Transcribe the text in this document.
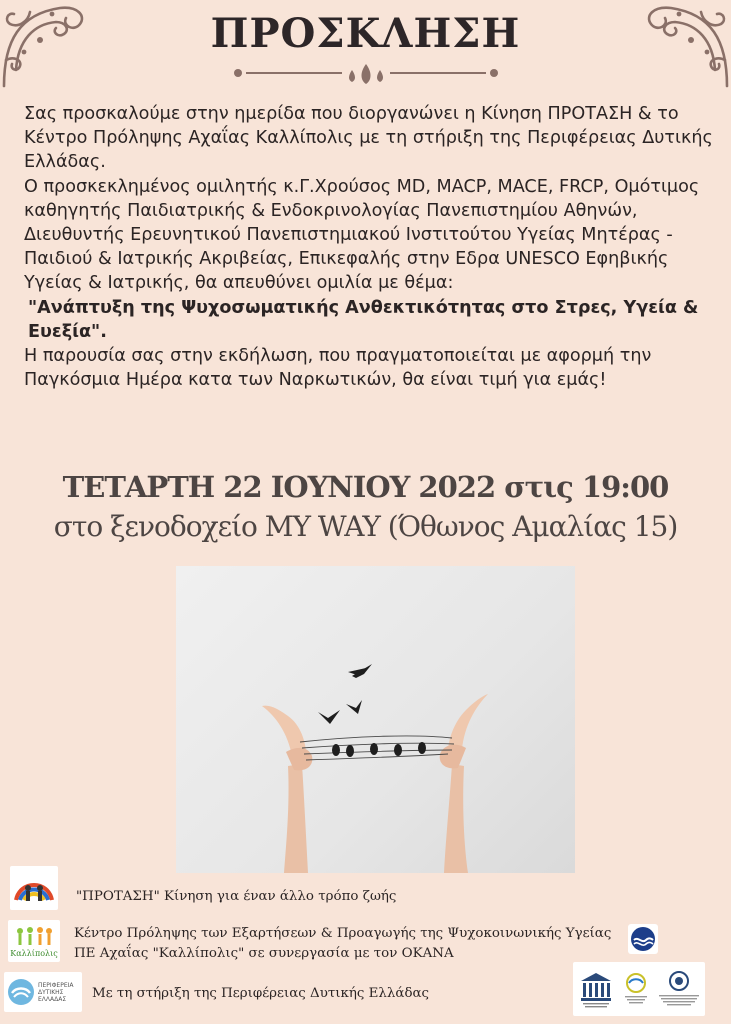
ΠΡΟΣΚΛΗΣΗ

Σας προσκαλούμε στην ημερίδα που διοργανώνει η Κίνηση ΠΡΟΤΑΣΗ & το Κέντρο Πρόληψης Αχαΐας Καλλίπολις με τη στήριξη της Περιφέρειας Δυτικής Ελλάδας.

Ο προσκεκλημένος ομιλητής κ.Γ.Χρούσος MD, MACP, MACE, FRCP, Ομότιμος καθηγητής Παιδιατρικής & Ενδοκρινολογίας Πανεπιστημίου Αθηνών, Διευθυντής Ερευνητικού Πανεπιστημιακού Ινστιτούτου Υγείας Μητέρας - Παιδιού & Ιατρικής Ακριβείας, Επικεφαλής στην Εδρα UNESCO Εφηβικής Υγείας & Ιατρικής, θα απευθύνει ομιλία με θέμα:

"Ανάπτυξη της Ψυχοσωματικής Ανθεκτικότητας στο Στρες, Υγεία & Ευεξία".

Η παρουσία σας στην εκδήλωση, που πραγματοποιείται με αφορμή την Παγκόσμια Ημέρα κατα των Ναρκωτικών, θα είναι τιμή για εμάς!

ΤΕΤΑΡΤΗ 22 ΙΟΥΝΙΟΥ 2022 στις 19:00

στο ξενοδοχείο MY WAY (Όθωνος Αμαλίας 15)

"ΠΡΟΤΑΣΗ" Κίνηση για έναν άλλο τρόπο ζωής
Καλλίπολις
Κέντρο Πρόληψης των Εξαρτήσεων & Προαγωγής της Ψυχοκοινωνικής Υγείας
ΠΕ Αχαΐας "Καλλίπολις" σε συνεργασία με τον ΟΚΑΝΑ
ΠΕΡΙΦΕΡΕΙΑ ΔΥΤΙΚΗΣ ΕΛΛΑΔΑΣ	Με τη στήριξη της Περιφέρειας Δυτικής Ελλάδας
